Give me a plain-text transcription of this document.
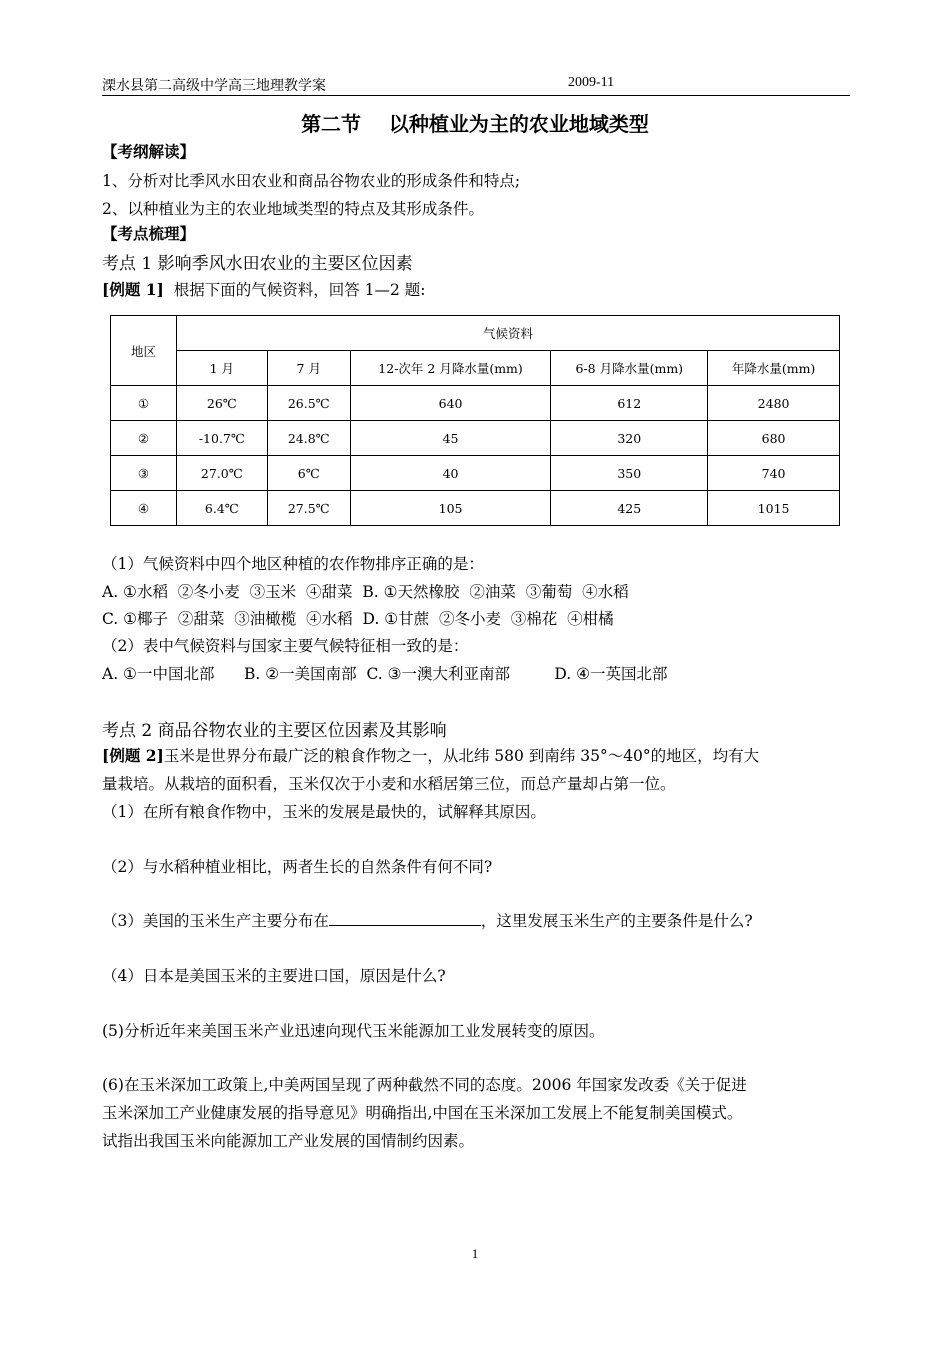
溧水县第二高级中学高三地理教学案	2009-11
第二节    以种植业为主的农业地域类型
【考纲解读】
1、分析对比季风水田农业和商品谷物农业的形成条件和特点;
2、以种植业为主的农业地域类型的特点及其形成条件。
【考点梳理】
考点 1 影响季风水田农业的主要区位因素
[例题 1]  根据下面的气候资料，回答 1—2 题:
地区	气候资料				
	1 月	7 月	12-次年 2 月降水量(mm)	6-8 月降水量(mm)	年降水量(mm)
①	26℃	26.5℃	640	612	2480
②	-10.7℃	24.8℃	45	320	680
③	27.0℃	6℃	40	350	740
④	6.4℃	27.5℃	105	425	1015
（1）气候资料中四个地区种植的农作物排序正确的是：
A. ①水稻  ②冬小麦  ③玉米  ④甜菜  B. ①天然橡胶  ②油菜  ③葡萄  ④水稻
C. ①椰子  ②甜菜  ③油橄榄  ④水稻  D. ①甘蔗  ②冬小麦  ③棉花  ④柑橘
（2）表中气候资料与国家主要气候特征相一致的是：
A. ①一中国北部      B. ②一美国南部  C. ③一澳大利亚南部         D. ④一英国北部
考点 2 商品谷物农业的主要区位因素及其影响
[例题 2]玉米是世界分布最广泛的粮食作物之一，从北纬 580 到南纬 35°～40°的地区，均有大
量栽培。从栽培的面积看，玉米仅次于小麦和水稻居第三位，而总产量却占第一位。
（1）在所有粮食作物中，玉米的发展是最快的，试解释其原因。
（2）与水稻种植业相比，两者生长的自然条件有何不同?
（3）美国的玉米生产主要分布在	，这里发展玉米生产的主要条件是什么?
（4）日本是美国玉米的主要进口国，原因是什么?
(5)分析近年来美国玉米产业迅速向现代玉米能源加工业发展转变的原因。
(6)在玉米深加工政策上,中美两国呈现了两种截然不同的态度。2006 年国家发改委《关于促进
玉米深加工产业健康发展的指导意见》明确指出,中国在玉米深加工发展上不能复制美国模式。
试指出我国玉米向能源加工产业发展的国情制约因素。
1
